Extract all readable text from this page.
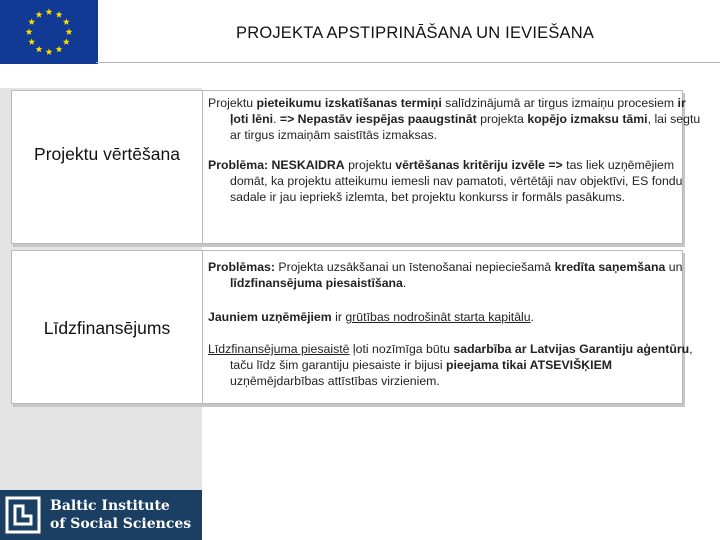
PROJEKTA APSTIPRINĀŠANA UN IEVIEŠANA
Projektu vērtēšana
Projektu pieteikumu izskatīšanas termiņi salīdzinājumā ar tirgus izmaiņu procesiem ir ļoti lēni. => Nepastāv iespējas paaugstināt projekta kopējo izmaksu tāmi, lai segtu ar tirgus izmaiņām saistītās izmaksas.
Problēma: NESKAIDRA projektu vērtēšanas kritēriju izvēle => tas liek uzņēmējiem domāt, ka projektu atteikumu iemesli nav pamatoti, vērtētāji nav objektīvi, ES fondu sadale ir jau iepriekš izlemta, bet projektu konkurss ir formāls pasākums.
Līdzfinansējums
Problēmas: Projekta uzsākšanai un īstenošanai nepieciešamā kredīta saņemšana un līdzfinansējuma piesaistīšana.
Jauniem uzņēmējiem ir grūtības nodrošināt starta kapitālu.
Līdzfinansējuma piesaistē ļoti nozīmīga būtu sadarbība ar Latvijas Garantiju aģentūru, taču līdz šim garantiju piesaiste ir bijusi pieejama tikai ATSEVIŠĶIEM uzņēmējdarbības attīstības virzieniem.
Baltic Institute
of Social Sciences
